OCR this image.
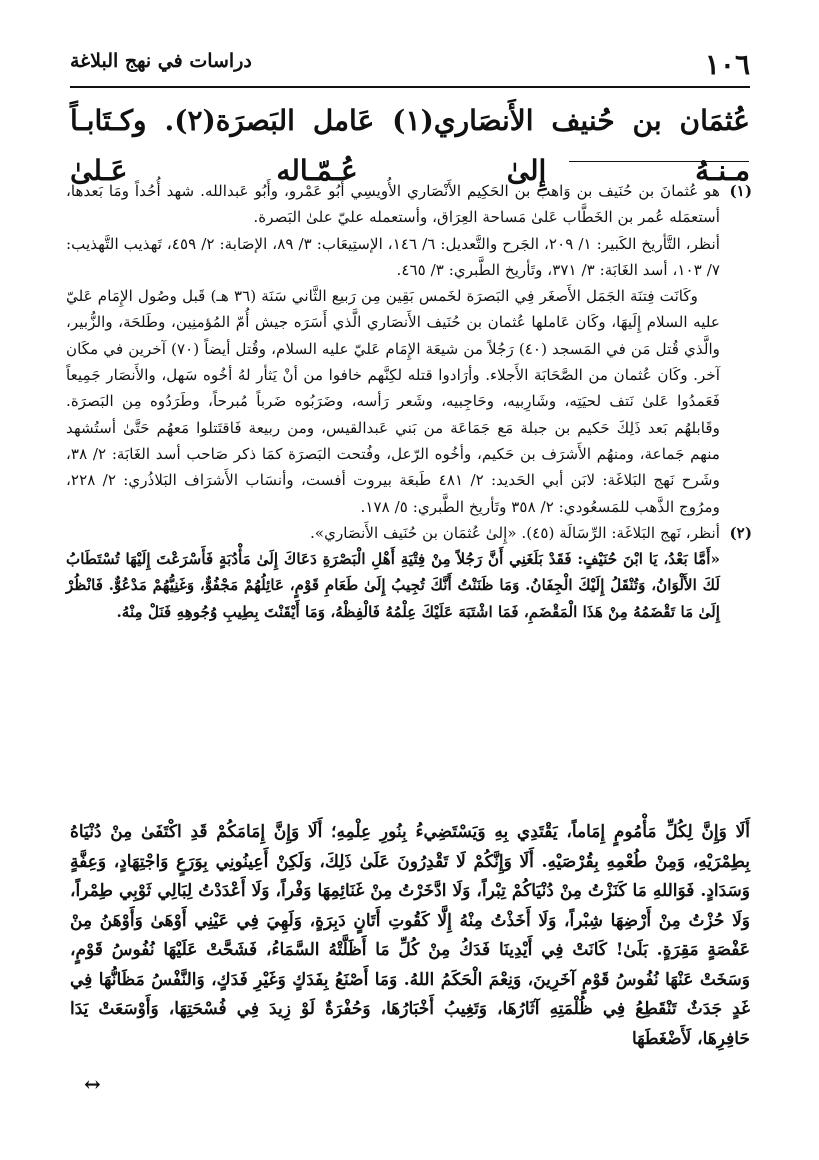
١٠٦
دراسات في نهج البلاغة
عُثمَان بن حُنيف الأَنصَاري(١) عَامل البَصرَة(٢). وكـتَابـاً مـنـهُ إِلىٰ عُـمّـاله عَـلىٰ
(١)

هو عُثمانَ بن حُنَيف بن وَاهب بن الحَكِيم الأَنْصَاري الأُويسِي أَبُو عَمْرو، وأَبُو عَبدالله. شهد أُحُداً ومَا بَعدها، أستعمَله عُمر بن الخَطَّاب عَلىٰ مَساحة العِرَاق، وأستعمله عليّ علىٰ البَصرة.

أنظر، التَّأريخ الكَبير: ١/ ٢٠٩، الجَرح والتَّعديل: ٦/ ١٤٦، الإستِيعَاب: ٣/ ٨٩، الإصَابة: ٢/ ٤٥٩، تَهذيب التَّهذيب: ٧/ ١٠٣، أسد الغَابَة: ٣/ ٣٧١، وتَأريخ الطَّبري: ٣/ ٤٦٥.

وكَانَت فِتنَة الجَمَل الأَصغَر فِي البَصرَة لخَمس بَقِين مِن رَبيع الثَّاني سَنَة (٣٦ هـ) قَبل وصُول الإِمَام عَليّ عليه السلام إِلَيهَا، وكَان عَاملها عُثمان بن حُنَيف الأَنصَاري الَّذي أَسَرَه جيش أُمّ المُؤمنِين، وطَلحَة، والزُّبير، والَّذي قُتل مَن في المَسجد (٤٠) رَجُلاً من شيعَة الإِمَام عَليّ عليه السلام، وقُتل أيضاً (٧٠) آخرين في مكَان آخر. وكَان عُثمان من الصَّحَابَة الأَجلاء. وأرَادوا قتله لكِنَّهم خافوا من أنْ يَثأر لهُ أخُوه سَهل، والأَنصَار جَمِيعاً فَعَمدُوا عَلىٰ نَتف لحيَتِه، وشَارِبيه، وحَاجِبيه، وشَعر رَأسه، وضَرَبُوه ضَرباً مُبرحاً، وطَرَدُوه مِن البَصرَة. وقَابلهُم بَعد ذَلِكَ حَكيم بن جبلة مَع جَمَاعَة من بَني عَبدالقيس، ومن ربيعة فَاقتَتلوا مَعهُم حَتَّىٰ أستُشهد منهم جَماعة، ومنهُم الأَشرَف بن حَكيم، وأخُوه الرّعل، وفُتحت البَصرَة كمَا ذكر صَاحب أسد الغَابَة: ٢/ ٣٨، وشَرح نَهج البَلاغَة: لابَن أبي الحَديد: ٢/ ٤٨١ طَبعَة بيروت أفست، وأنسَاب الأَشرَاف البَلاذُري: ٢/ ٢٢٨، ومرُوج الذَّهب للمَسعُودي: ٢/ ٣٥٨ وتَأريخ الطَّبري: ٥/ ١٧٨.

(٢)

أنظر، نَهج البَلاغَة: الرِّسَالَة (٤٥). «إِلىٰ عُثمَان بن حُنَيف الأَنصَاري».

«أَمَّا بَعْدُ، يَا ابْنَ حُنَيْفٍ: فَقَدْ بَلَغَنِي أَنَّ رَجُلاً مِنْ فِتْيَةِ أَهْلِ الْبَصْرَةِ دَعَاكَ إِلَىٰ مَأْدُبَةٍ فَأَسْرَعْتَ إِلَيْهَا تُسْتَطَابُ لَكَ الأَلْوَانُ، وَتُنْقَلُ إِلَيْكَ الْجِفَانُ. وَمَا ظَنَنْتُ أَنَّكَ تُجِيبُ إِلَىٰ طَعَامِ قَوْمٍ، عَائِلُهُمْ مَجْفُوٌّ، وَغَنِيُّهُمْ مَدْعُوٌّ. فَانْظُرْ إِلَىٰ مَا تَقْضَمُهُ مِنْ هَذَا الْمَقْضَمِ، فَمَا اشْتَبَهَ عَلَيْكَ عِلْمُهُ فَالْفِظْهُ، وَمَا أَيْقَنْتَ بِطِيبِ وُجُوهِهِ فَنَلْ مِنْهُ.

أَلَا وَإِنَّ لِكُلِّ مَأْمُومٍ إِمَاماً، يَقْتَدِي بِهِ وَيَسْتَضِيءُ بِنُورِ عِلْمِهِ؛ أَلَا وَإِنَّ إِمَامَكُمْ قَدِ اكْتَفَىٰ مِنْ دُنْيَاهُ بِطِمْرَيْهِ، وَمِنْ طُعْمِهِ بِقُرْصَيْهِ. أَلَا وَإِنَّكُمْ لَا تَقْدِرُونَ عَلَىٰ ذَلِكَ، وَلَكِنْ أَعِينُونِي بِوَرَعٍ وَاجْتِهَادٍ، وَعِفَّةٍ وَسَدَادٍ. فَوَاللهِ مَا كَنَزْتُ مِنْ دُنْيَاكُمْ تِبْراً، وَلَا ادَّخَرْتُ مِنْ غَنَائِمِهَا وَفْراً، وَلَا أَعْدَدْتُ لِبَالِي ثَوْبِي طِمْراً، وَلَا حُزْتُ مِنْ أَرْضِهَا شِبْراً، وَلَا أَخَذْتُ مِنْهُ إِلَّا كَقُوتِ أَتَانٍ دَبِرَةٍ، وَلَهِيَ فِي عَيْنِي أَوْهَىٰ وَأَوْهَنُ مِنْ عَفْصَةٍ مَقِرَةٍ. بَلَىٰ! كَانَتْ فِي أَيْدِينَا فَدَكُ مِنْ كُلِّ مَا أَظَلَّتْهُ السَّمَاءُ، فَشَحَّتْ عَلَيْهَا نُفُوسُ قَوْمٍ، وَسَخَتْ عَنْهَا نُفُوسُ قَوْمٍ آخَرِينَ، وَنِعْمَ الْحَكَمُ اللهُ. وَمَا أَصْنَعُ بِفَدَكٍ وَغَيْرِ فَدَكٍ، وَالنَّفْسُ مَظَانُّهَا فِي غَدٍ جَدَثٌ تَنْقَطِعُ فِي ظُلْمَتِهِ آثَارُهَا، وَتَغِيبُ أَخْبَارُهَا، وَحُفْرَةٌ لَوْ زِيدَ فِي فُسْحَتِهَا، وَأَوْسَعَتْ يَدَا حَافِرِهَا، لَأَضْغَطَهَا

↔
